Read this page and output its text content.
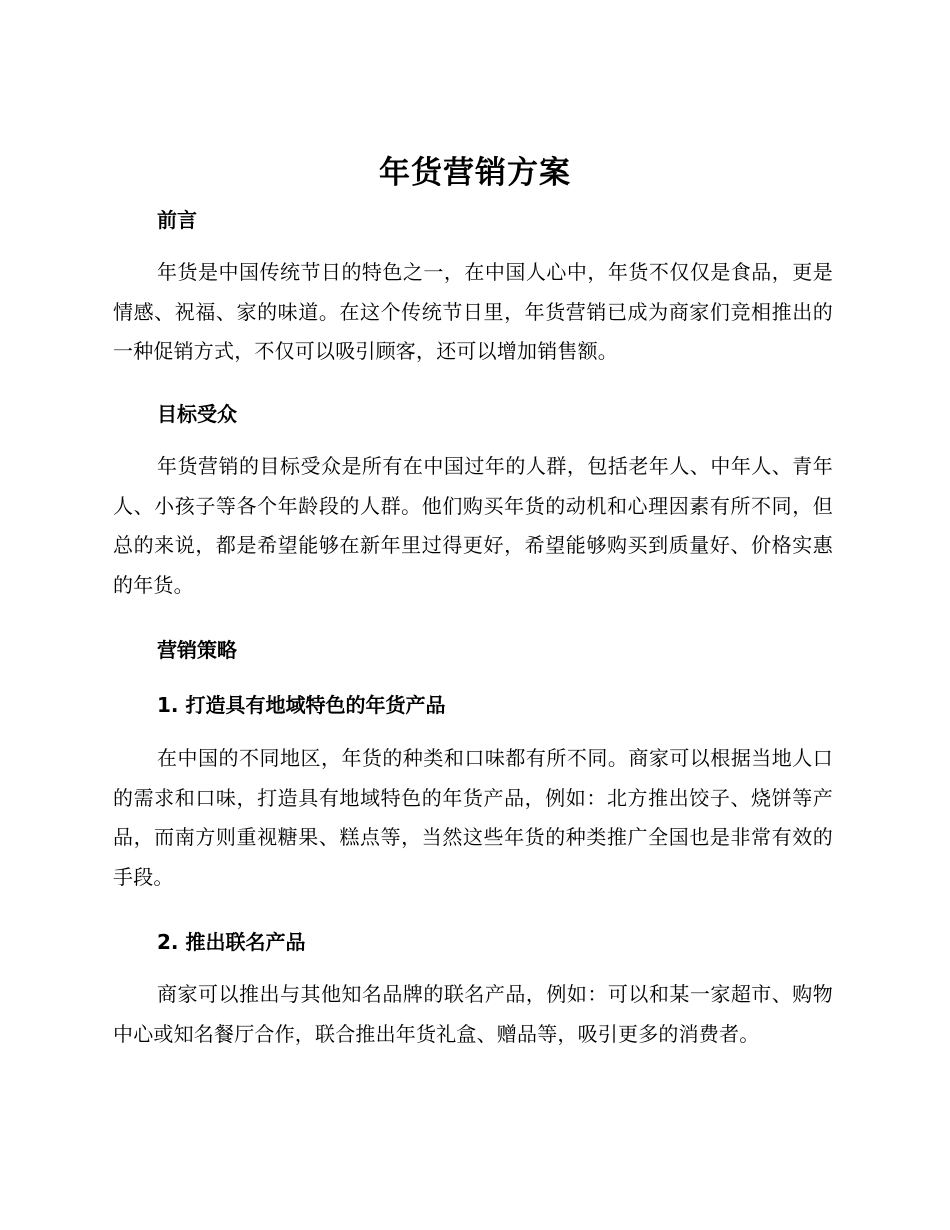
年货营销方案
前言
年货是中国传统节日的特色之一，在中国人心中，年货不仅仅是食品，更是情感、祝福、家的味道。在这个传统节日里，年货营销已成为商家们竞相推出的一种促销方式，不仅可以吸引顾客，还可以增加销售额。
目标受众
年货营销的目标受众是所有在中国过年的人群，包括老年人、中年人、青年人、小孩子等各个年龄段的人群。他们购买年货的动机和心理因素有所不同，但总的来说，都是希望能够在新年里过得更好，希望能够购买到质量好、价格实惠的年货。
营销策略
1. 打造具有地域特色的年货产品
在中国的不同地区，年货的种类和口味都有所不同。商家可以根据当地人口的需求和口味，打造具有地域特色的年货产品，例如：北方推出饺子、烧饼等产品，而南方则重视糖果、糕点等，当然这些年货的种类推广全国也是非常有效的手段。
2. 推出联名产品
商家可以推出与其他知名品牌的联名产品，例如：可以和某一家超市、购物中心或知名餐厅合作，联合推出年货礼盒、赠品等，吸引更多的消费者。
